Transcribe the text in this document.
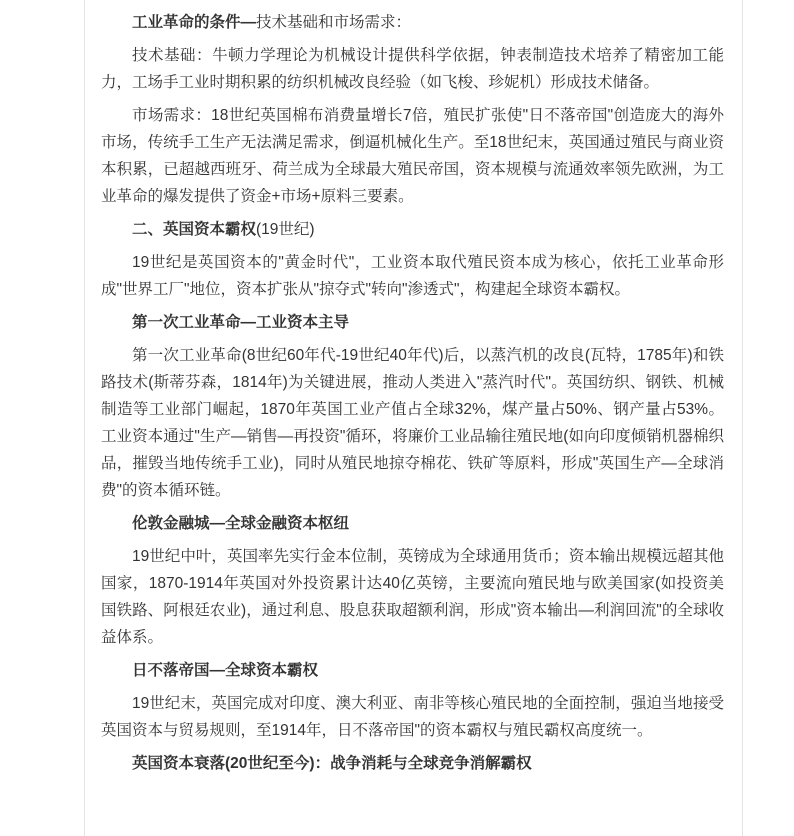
工业革命的条件—技术基础和市场需求：

技术基础：牛顿力学理论为机械设计提供科学依据，钟表制造技术培养了精密加工能力，工场手工业时期积累的纺织机械改良经验（如飞梭、珍妮机）形成技术储备。

市场需求：18世纪英国棉布消费量增长7倍，殖民扩张使"日不落帝国"创造庞大的海外市场，传统手工生产无法满足需求，倒逼机械化生产。至18世纪末，英国通过殖民与商业资本积累，已超越西班牙、荷兰成为全球最大殖民帝国，资本规模与流通效率领先欧洲，为工业革命的爆发提供了资金+市场+原料三要素。

二、英国资本霸权(19世纪)

19世纪是英国资本的"黄金时代"，工业资本取代殖民资本成为核心，依托工业革命形成"世界工厂"地位，资本扩张从"掠夺式"转向"渗透式"，构建起全球资本霸权。

第一次工业革命—工业资本主导

第一次工业革命(8世纪60年代-19世纪40年代)后，以蒸汽机的改良(瓦特，1785年)和铁路技术(斯蒂芬森，1814年)为关键进展，推动人类进入"蒸汽时代"。英国纺织、钢铁、机械制造等工业部门崛起，1870年英国工业产值占全球32%，煤产量占50%、钢产量占53%。工业资本通过"生产—销售—再投资"循环，将廉价工业品输往殖民地(如向印度倾销机器棉织品，摧毁当地传统手工业)，同时从殖民地掠夺棉花、铁矿等原料，形成"英国生产—全球消费"的资本循环链。

伦敦金融城—全球金融资本枢纽

19世纪中叶，英国率先实行金本位制，英镑成为全球通用货币；资本输出规模远超其他国家，1870-1914年英国对外投资累计达40亿英镑，主要流向殖民地与欧美国家(如投资美国铁路、阿根廷农业)，通过利息、股息获取超额利润，形成"资本输出—利润回流"的全球收益体系。

日不落帝国—全球资本霸权

19世纪末，英国完成对印度、澳大利亚、南非等核心殖民地的全面控制，强迫当地接受英国资本与贸易规则，至1914年，日不落帝国"的资本霸权与殖民霸权高度统一。

英国资本衰落(20世纪至今)：战争消耗与全球竞争消解霸权
